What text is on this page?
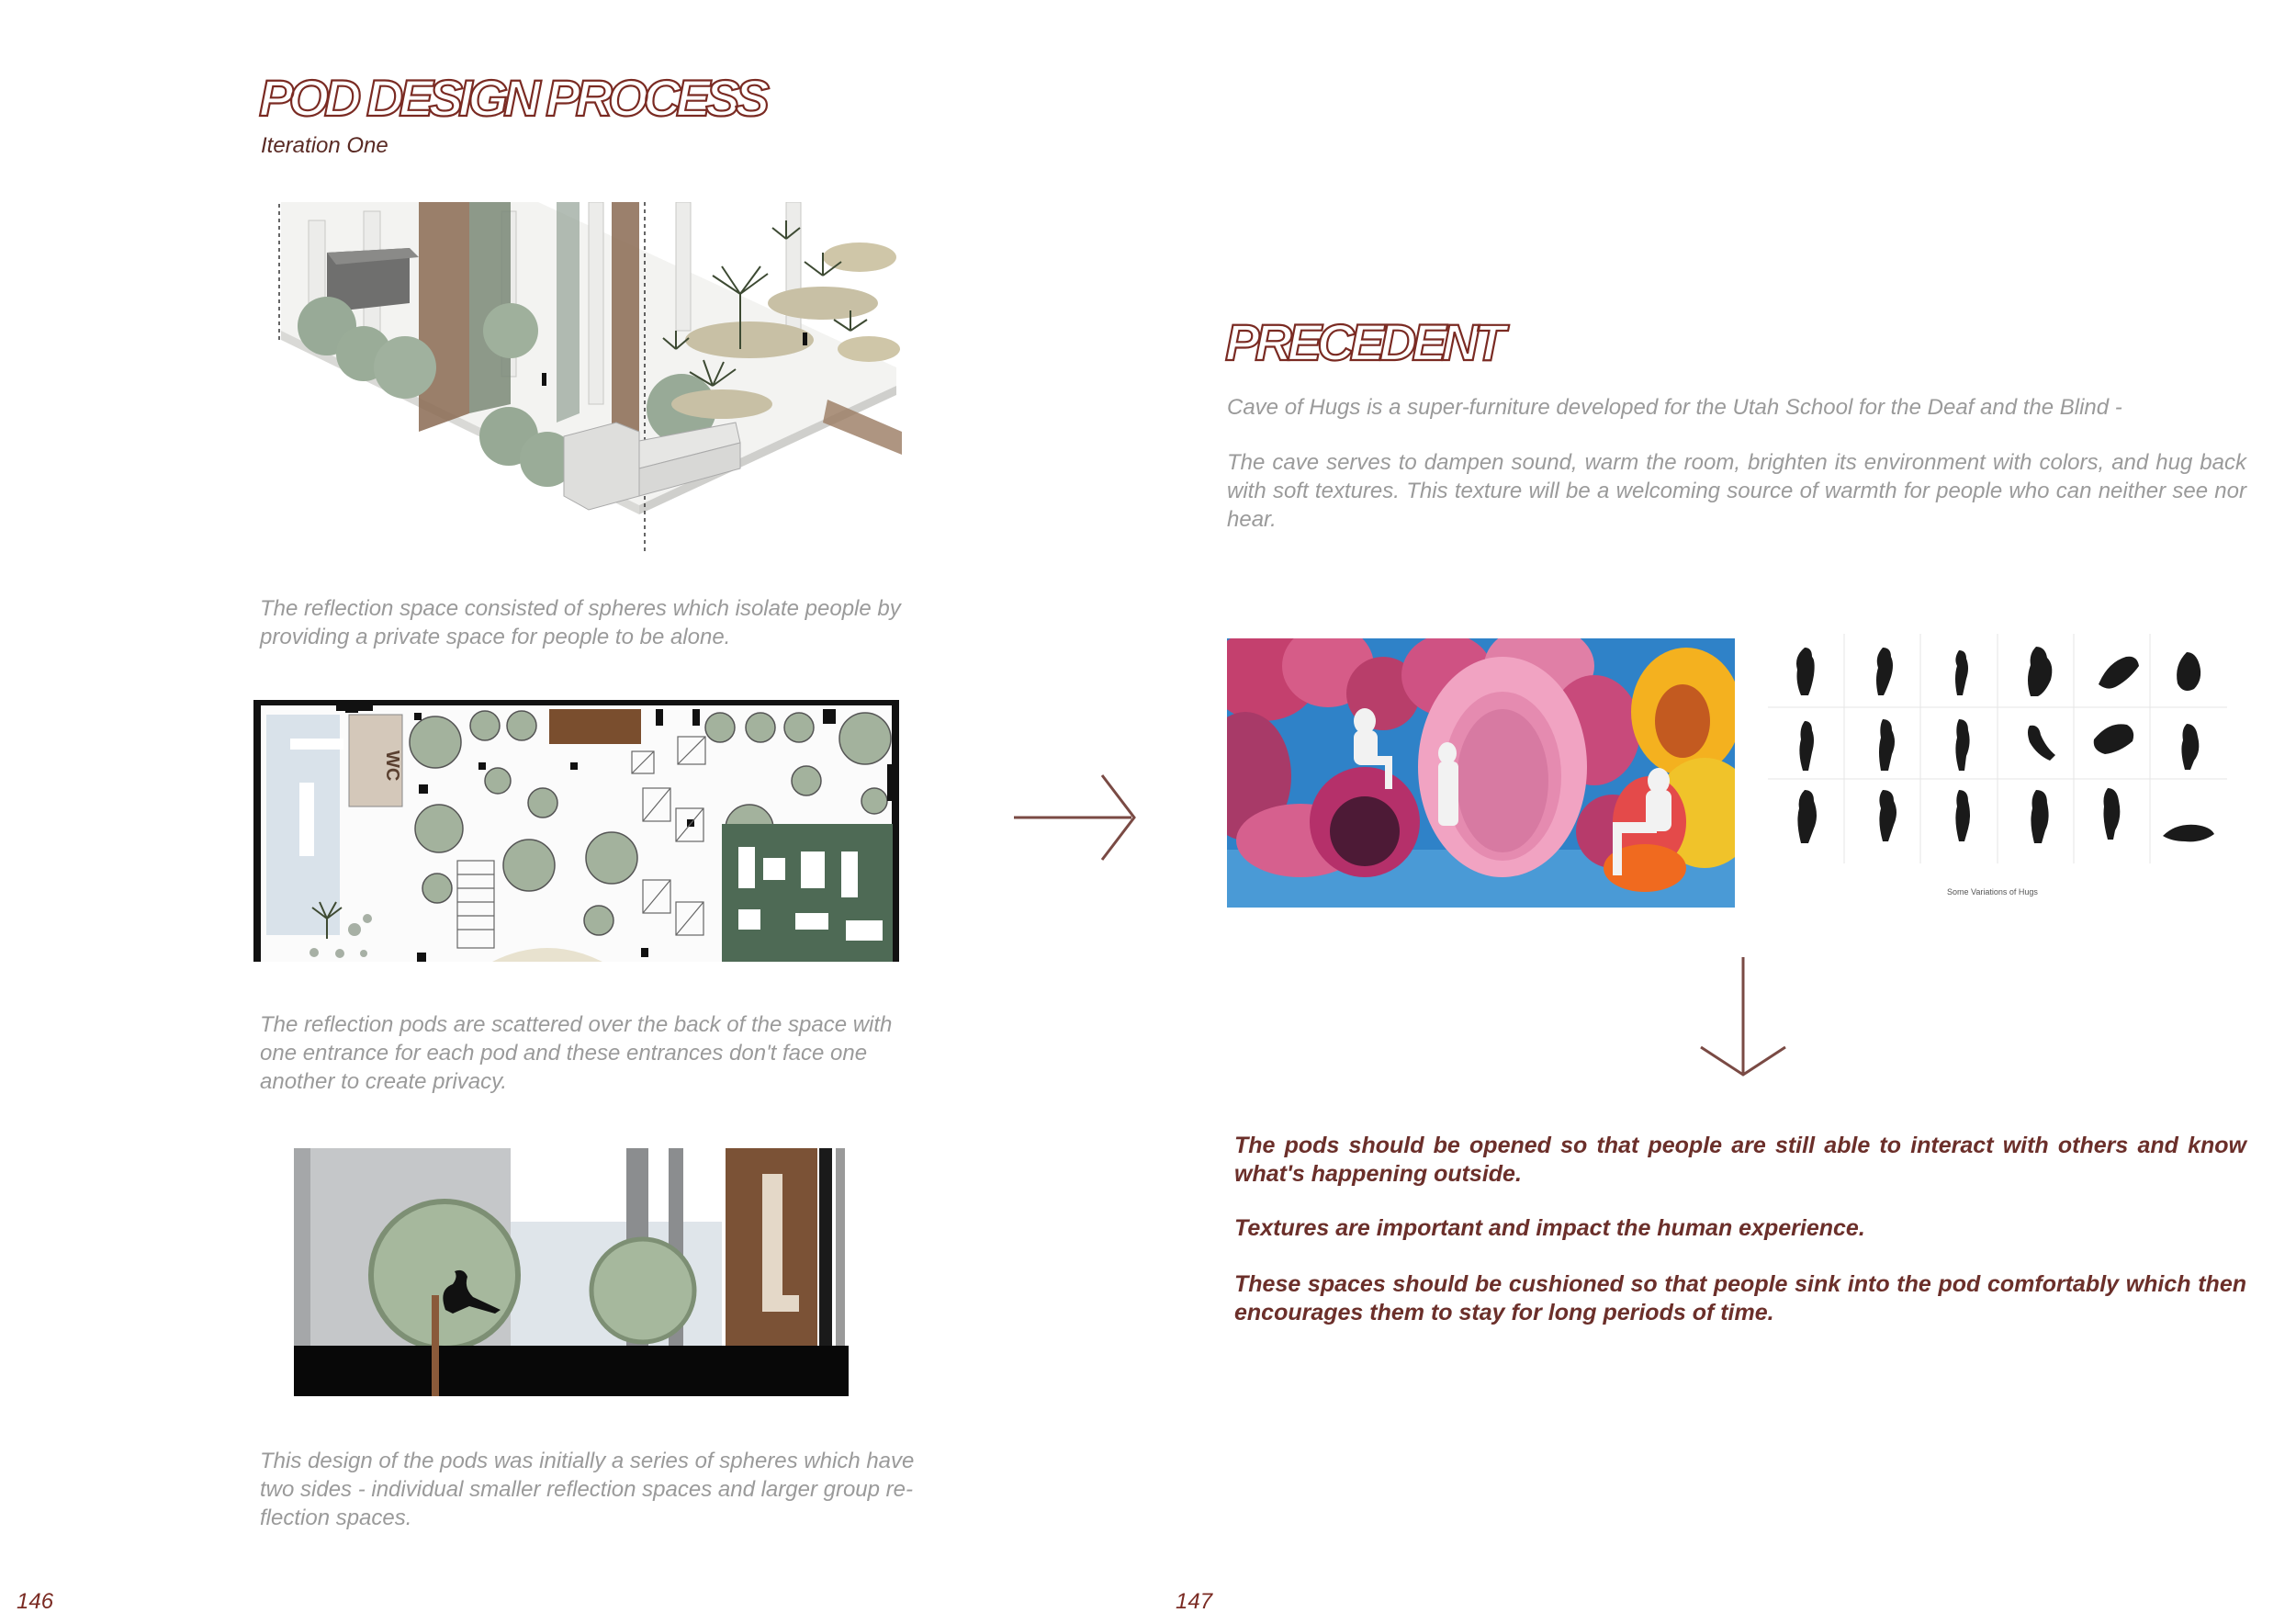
POD DESIGN PROCESS
Iteration One
The reflection space consisted of spheres which isolate people by providing a private space for people to be alone.
WC
The reflection pods are scattered over the back of the space with one entrance for each pod and these entrances don't face one another to create privacy.
This design of the pods was initially a series of spheres which have two sides - individual smaller reflection spaces and larger group re-flection spaces.
146
PRECEDENT
Cave of Hugs is a super-furniture developed for the Utah School for the Deaf and the Blind -
The cave serves to dampen sound, warm the room, brighten its environment with colors, and hug back with soft textures. This texture will be a welcoming source of warmth for people who can neither see nor hear.
Some Variations of Hugs
The pods should be opened so that people are still able to interact with others and know what's happening outside.
Textures are important and impact the human experience.
These spaces should be cushioned so that people sink into the pod comfortably which then encourages them to stay for long periods of time.
147
